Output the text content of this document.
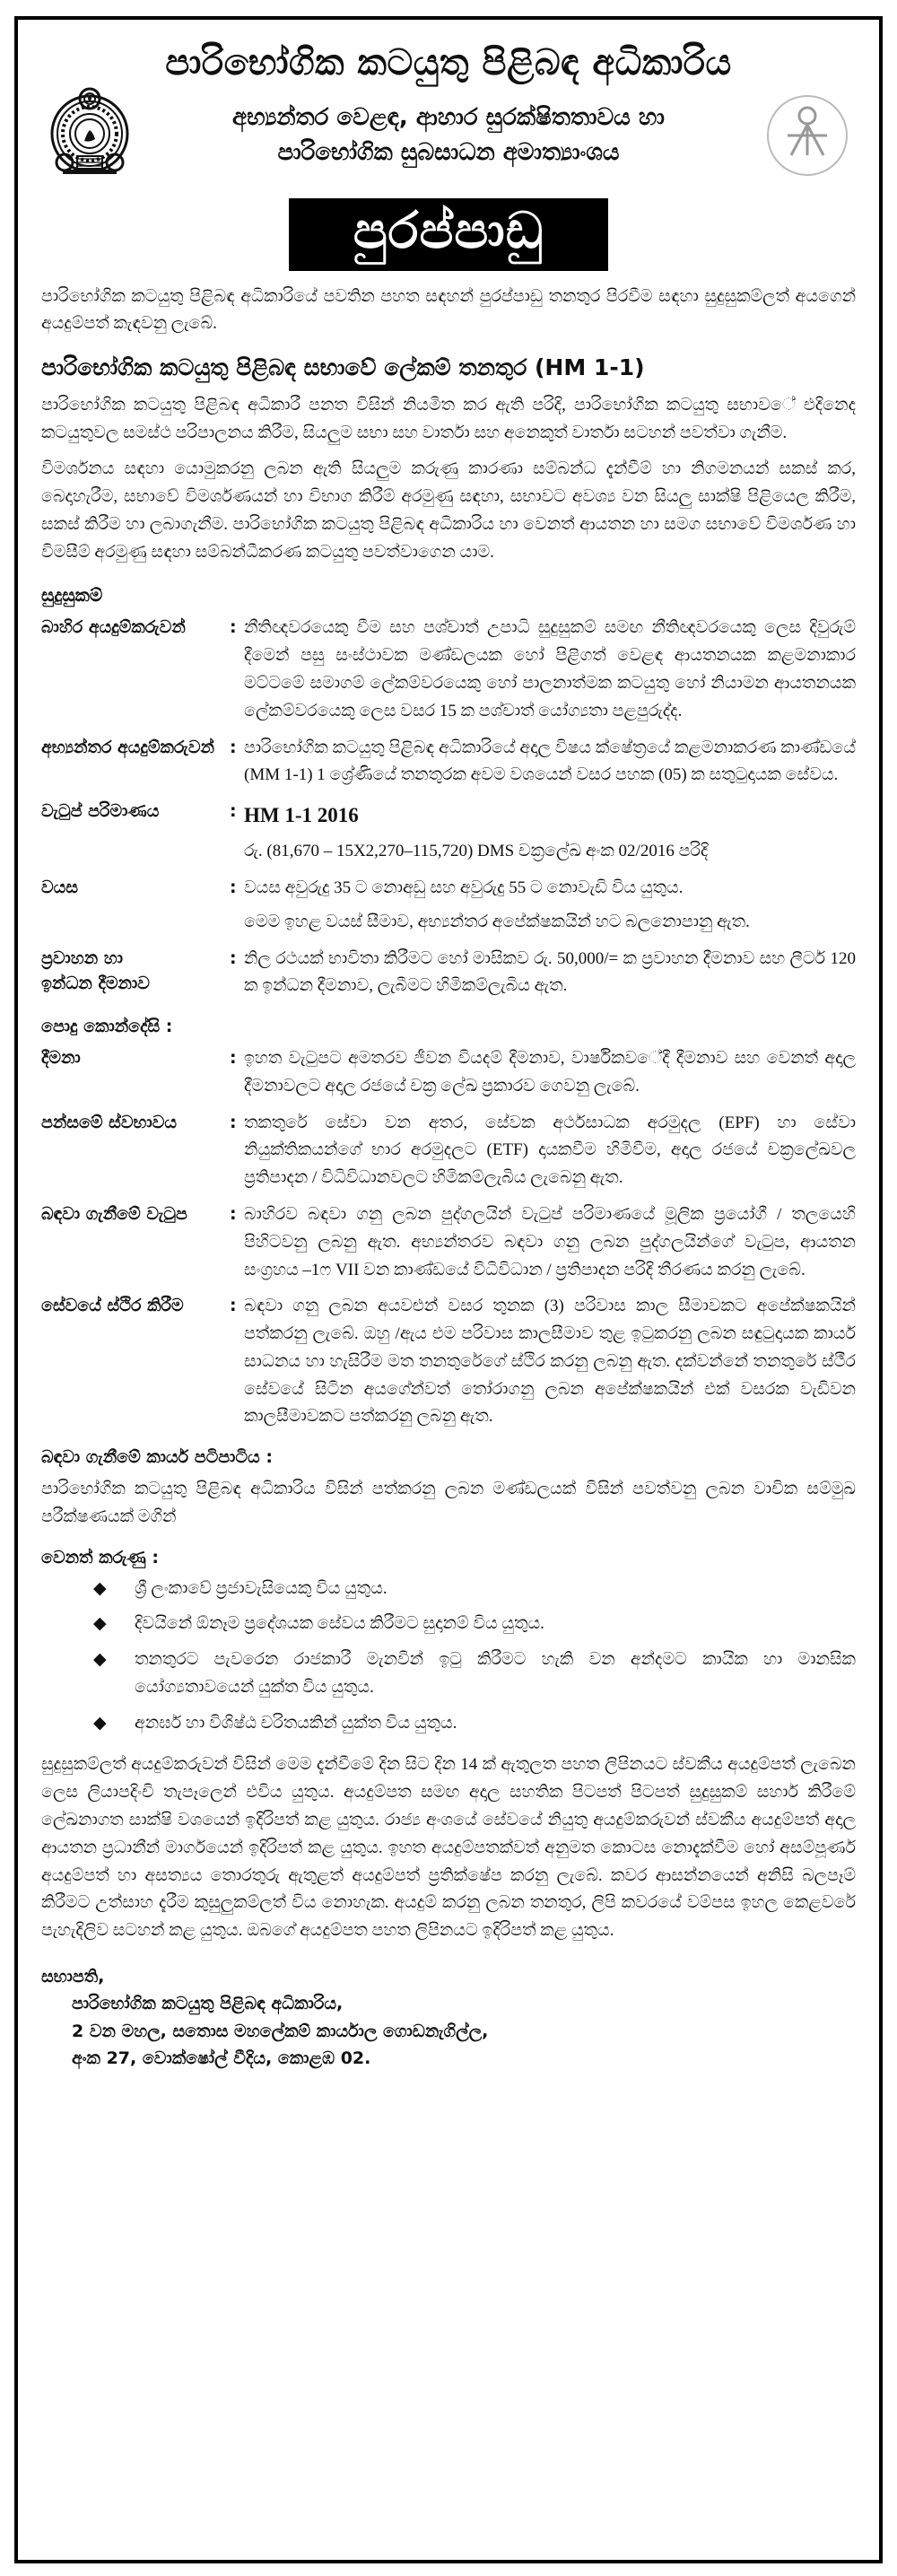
පාරිභෝගික කටයුතු පිළිබඳ අධිකාරිය
අභ්‍යන්තර වෙළඳ, ආහාර සුරක්ෂිතතාවය හා
පාරිභෝගික සුබසාධන අමාත්‍යාංශය
පුරප්පාඩු
පාරිභෝගික කටයුතු පිළිබඳ අධිකාරියේ පවතින පහත සඳහන් පුරප්පාඩු තනතුර පිරවීම සඳහා සුදුසුකම්ලත් අයගෙන් අයදුම්පත් කැඳවනු ලැබේ.
පාරිභෝගික කටයුතු පිළිබඳ සභාවේ ලේකම් තනතුර (HM 1-1)
පාරිභෝගික කටයුතු පිළිබඳ අධිකාරී පනත විසින් නියමිත කර ඇති පරිදි, පාරිභෝගික කටයුතු සභාව​ේ එදිනෙද කටයුතුවල සමස්ථ පරිපාලනය කිරීම, සියලුම සභා සහ වාර්තා සහ අනෙකුත් වාර්තා සටහන් පවත්වා ගැනීම.
විමර්ශනය සඳහා යොමුකරනු ලබන ඇති සියලුම කරුණු කාරණා සම්බන්ධ දැන්වීම් හා නිගමනයන් සකස් කර, බෙදාහැරීම, සභාවේ විමර්ශණයන් හා විභාග කිරීම් අරමුණු සඳහා, සභාවට අවශ්‍ය වන සියලු සාක්ෂි පිළියෙල කිරීම, සකස් කිරීම හා ලබාගැනීම. පාරිභෝගික කටයුතු පිළිබඳ අධිකාරිය හා වෙනත් ආයතන හා සමග සභාවේ විමර්ශණ හා විමසීම් අරමුණු සඳහා සම්බන්ධීකරණ කටයුතු පවත්වාගෙන යාම.
සුදුසුකම්
බාහිර අයදුම්කරුවන්	: නීතිඥවරයෙකු වීම සහ පශ්චාත් උපාධි සුදුසුකම් සමඟ නීතිඥවරයෙකු ලෙස දිවුරුම් දීමෙන් පසු සංස්ථාවක මණ්ඩලයක හෝ පිළිගත් වෙළඳ ආයතනයක කළමනාකාර මට්ටමේ සමාගම් ලේකම්වරයෙකු හෝ පාලනාත්මක කටයුතු හෝ නියාමන ආයතනයක ලේකම්වරයෙකු ලෙස වසර 15 ක පශ්චාත් යෝග්‍යතා පළපුරුද්ද.
අභ්‍යන්තර අයදුම්කරුවන් : පාරිභෝගික කටයුතු පිළිබඳ අධිකාරියේ අදාල විෂය ක්ෂේත්‍රයේ කළමනාකරණ කාණ්ඩයේ (MM 1-1) 1 ශ්‍රේණියේ තනතුරක අවම වශයෙන් වසර පහක (05) ක සතුටුදායක සේවය.
වැටුප් පරිමාණය	: HM 1-1 2016

රු. (81,670 – 15X2,270–115,720) DMS චක්‍රලේඛ අංක 02/2016 පරිදි

වයස	: වයස අවුරුදු 35 ට නොඅඩු සහ අවුරුදු 55 ට නොවැඩි විය යුතුය.

මෙම ඉහළ වයස් සීමාව, අභ්‍යන්තර අපේක්ෂකයින් හට බලනොපානු ඇත.

ප්‍රවාහන හා
ඉන්ධන දීමනාව
: නිල රථයක් භාවිතා කිරීමට හෝ මාසිකව රු. 50,000/= ක ප්‍රවාහන දීමනාව සහ ලීටර් 120 ක ඉන්ධන දීමනාව, ලැබීමට හිමිකම්ලැබිය ඇත.
පොදු කොන්දේසි :
දීමනා	: ඉහත වැටුපට අමතරව ජීවන වියදම් දීමනාව, වාර්ෂිකව​ේදී දීමනාව සහ වෙනත් අදාල දීමනාවලට අදාල රජයේ චක්‍ර ලේඛ ප්‍රකාරව ගෙවනු ලැබේ.
පන්සමේ ස්වභාවය	: තකතුරේ සේවා වන අතර, සේවක අර්ථසාධක අරමුදල (EPF) හා සේවා නියුක්තිකයන්ගේ භාර අරමුදලට (ETF) දායකවීම හිමිවීම, අදාල රජයේ චක්‍රලේඛවල ප්‍රතිපාදන / විධිවිධානවලට හිමිකම්ලැබිය ලැබෙනු ඇත.
බඳවා ගැනීමේ වැටුප	: බාහිරව බඳවා ගනු ලබන පුද්ගලයින් වැටුප් පරිමාණයේ මූලික ප්‍රයෝගී / තලයෙහි පිහිටවනු ලබනු ඇත. අභ්‍යන්තරව බඳවා ගනු ලබන පුද්ගලයින්ගේ වැටුප, ආයතන සංග්‍රහය –1ෆ VII වන කාණ්ඩයේ විධිවිධාන / ප්‍රතිපාදන පරිදි තීරණය කරනු ලැබේ.
සේවයේ ස්ථිර කිරීම	: බඳවා ගනු ලබන අයවළුන් වසර තුනක (3) පරිවාස කාල සීමාවකට අපේක්ෂකයින් පත්කරනු ලැබේ. ඔහු /ඇය එම පරිවාස කාලසීමාව තුළ ඉටුකරනු ලබන සඳුටුදායක කාර්ය සාධනය හා හැසිරීම මත තනතුරේගේ ස්ථිර කරනු ලබනු ඇත. දක්වන්නේ තනතුරේ ස්ථීර සේවයේ සිටින අයගේන්වත් තෝරාගනු ලබන අපේක්ෂකයින් එක් වසරක වැඩිවන කාලසීමාවකට පත්කරනු ලබනු ඇත.
බඳවා ගැනීමේ කාර්ය පටිපාටිය :
පාරිභෝගික කටයුතු පිළිබඳ අධිකාරිය විසින් පත්කරනු ලබන මණ්ඩලයක් විසින් පවත්වනු ලබන වාචික සම්මුඛ පරීක්ෂණයක් මගින්
වෙනත් කරුණු :
◆	ශ්‍රී ලංකාවේ ප්‍රජාවැසියෙකු විය යුතුය.
◆	දිවයිනේ ඕනෑම ප්‍රදේශයක සේවය කිරීමට සුදානම් විය යුතුය.
◆	තනතුරට පැවරෙන රාජකාරී මැනවින් ඉටු කිරීමට හැකි වන අන්දමට කායික හා මානසික යෝග්‍යතාවයෙන් යුක්ත විය යුතුය.
◆	අනර්ඝ හා විශිෂ්ඨ චරිතයකින් යුක්ත විය යුතුය.
සුදුසුකම්ලත් අයදුම්කරුවන් විසින් මෙම දැන්වීමේ දින සිට දින 14 ක් ඇතුලත පහත ලිපිනයට ස්වකීය අයදුම්පත් ලැබෙන ලෙස ලියාපදිංචි තැපෑලෙන් එවිය යුතුය. අයදුම්පත සමඟ අදාල සහතික පිටපත් පිටපත් සුදුසුකම් සහාර් කිරීමේ ලේඛනාගත සාක්ෂි වශයෙන් ඉදිරිපත් කළ යුතුය. රාජ්‍ය අංශයේ සේවයේ නියුතු අයදුම්කරුවන් ස්වකීය අයදුම්පත් අදාල ආයතන ප්‍රධානීන් මාර්ගයෙන් ඉදිරිපත් කළ යුතුය. ඉහත අයදුම්පතක්වත් අනුමත කොටස නොදැක්වීම හෝ අසම්පූර්ණ අයදුම්පත් හා අසත්‍යය තොරතුරු ඇතුළත් අයදුම්පත් ප්‍රතික්ෂේප කරනු ලැබේ. කවර ආසන්නයෙන් අනිසි බලපෑම් කිරීමට උත්සාහ දැරීම කුසුලුකම්ලත් විය නොහැක. අයදුම් කරනු ලබන තනතුර, ලිපි කවරයේ වම්පස ඉහල කෙළවරේ පැහැදිලිව සටහන් කළ යුතුය. ඔබගේ අයදුම්පත පහත ලිපිනයට ඉදිරිපත් කළ යුතුය.
සභාපති,
පාරිභෝගික කටයුතු පිළිබඳ අධිකාරිය,
2 වන මහල, සතොස මහලේකම් කාර්යාල ගොඩනැගිල්ල,
අංක 27, වොක්ෂෝල් වීදිය, කොළඹ 02.
